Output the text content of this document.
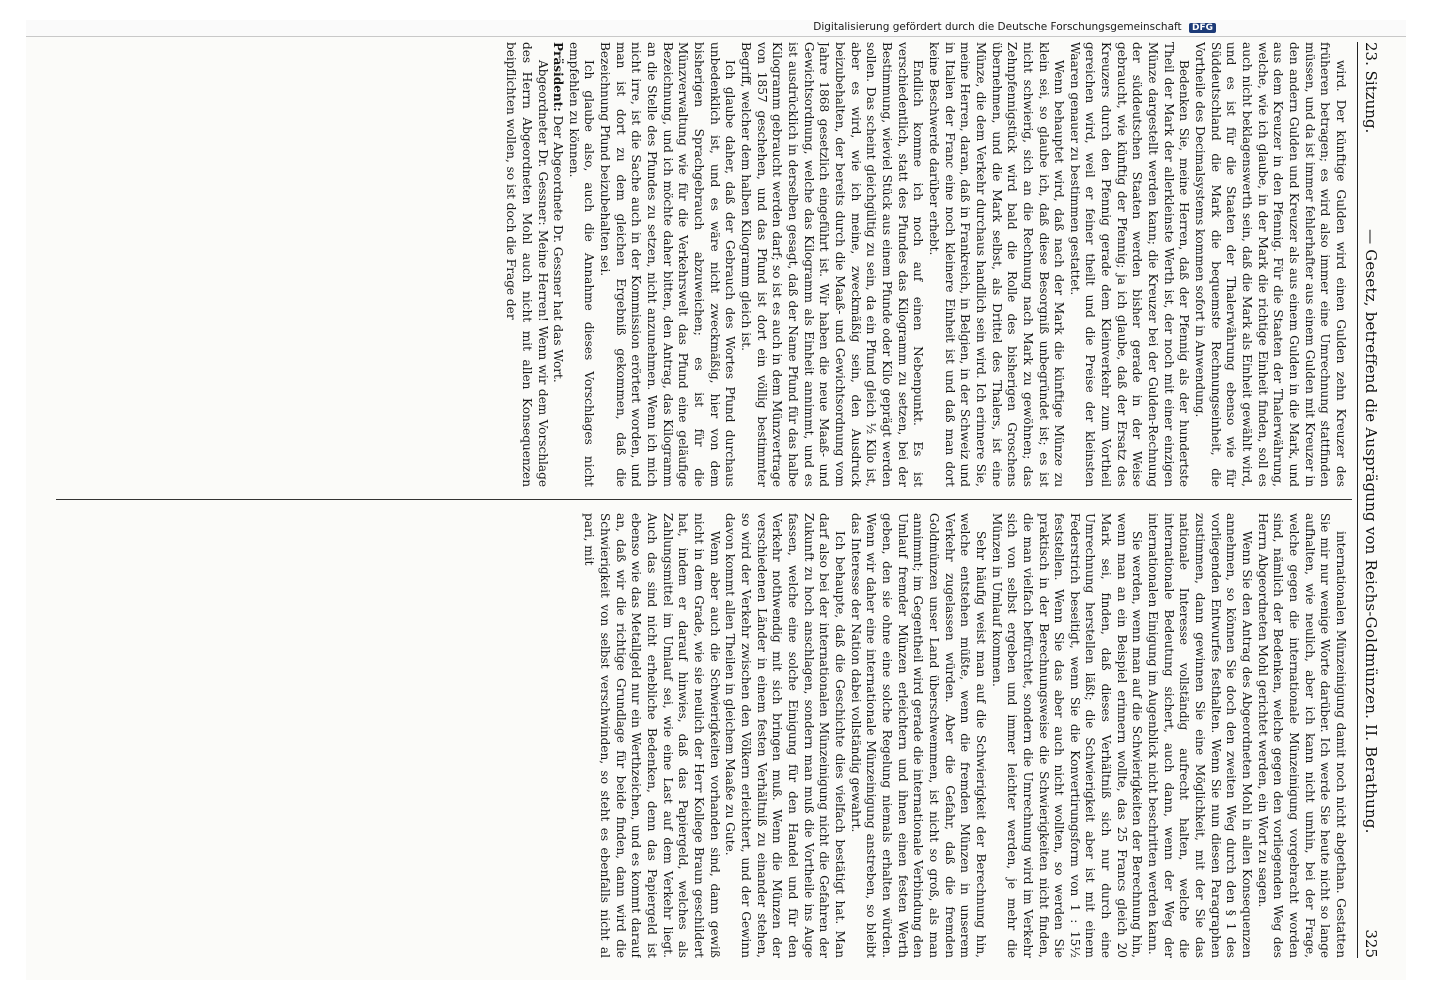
Digitalisierung gefördert durch die Deutsche Forschungsgemeinschaft DFG
23. Sitzung.
— Gesetz, betreffend die Ausprägung von Reichs-Goldmünzen. II. Berathung.
325

wird. Der künftige Gulden wird einen Gulden zehn Kreuzer des früheren betragen; es wird also immer eine Umrechnung stattfinden müssen, und da ist immer fehlerhafter aus einem Gulden mit Kreuzer in den andern Gulden und Kreuzer als aus einem Gulden in die Mark, und aus dem Kreuzer in den Pfennig. Für die Staaten der Thalerwährung, welche, wie ich glaube, in der Mark die richtige Einheit finden, soll es auch nicht beklagenswerth sein, daß die Mark als Einheit gewählt wird, und es ist für die Staaten der Thalerwährung ebenso wie für Süddeutschland die Mark die bequemste Rechnungseinheit, die Vortheile des Decimalsystems kommen sofort in Anwendung.

Bedenken Sie, meine Herren, daß der Pfennig als der hundertste Theil der Mark der allerkleinste Werth ist, der noch mit einer einzigen Münze dargestellt werden kann; die Kreuzer bei der Gulden-Rechnung der süddeutschen Staaten werden bisher gerade in der Weise gebraucht, wie künftig der Pfennig; ja ich glaube, daß der Ersatz des Kreuzers durch den Pfennig gerade dem Kleinverkehr zum Vortheil gereichen wird, weil er feiner theilt und die Preise der kleinsten Waaren genauer zu bestimmen gestattet.

Wenn behauptet wird, daß nach der Mark die künftige Münze zu klein sei, so glaube ich, daß diese Besorgniß unbegründet ist; es ist nicht schwierig, sich an die Rechnung nach Mark zu gewöhnen; das Zehnpfennigstück wird bald die Rolle des bisherigen Groschens übernehmen, und die Mark selbst, als Drittel des Thalers, ist eine Münze, die dem Verkehr durchaus handlich sein wird. Ich erinnere Sie, meine Herren, daran, daß in Frankreich, in Belgien, in der Schweiz und in Italien der Franc eine noch kleinere Einheit ist und daß man dort keine Beschwerde darüber erhebt.

Endlich komme ich noch auf einen Nebenpunkt. Es ist verschiedentlich, statt des Pfundes das Kilogramm zu setzen, bei der Bestimmung, wieviel Stück aus einem Pfunde oder Kilo geprägt werden sollen. Das scheint gleichgültig zu sein, da ein Pfund gleich ½ Kilo ist, aber es wird, wie ich meine, zweckmäßig sein, den Ausdruck beizubehalten, der bereits durch die Maaß- und Gewichtsordnung vom Jahre 1868 gesetzlich eingeführt ist. Wir haben die neue Maaß- und Gewichtsordnung, welche das Kilogramm als Einheit annimmt, und es ist ausdrücklich in derselben gesagt, daß der Name Pfund für das halbe Kilogramm gebraucht werden darf; so ist es auch in dem Münzvertrage von 1857 geschehen, und das Pfund ist dort ein völlig bestimmter Begriff, welcher dem halben Kilogramm gleich ist.

Ich glaube daher, daß der Gebrauch des Wortes Pfund durchaus unbedenklich ist, und es wäre nicht zweckmäßig, hier von dem bisherigen Sprachgebrauch abzuweichen; es ist für die Münzverwaltung wie für die Verkehrswelt das Pfund eine geläufige Bezeichnung, und ich möchte daher bitten, den Antrag, das Kilogramm an die Stelle des Pfundes zu setzen, nicht anzunehmen. Wenn ich mich nicht irre, ist die Sache auch in der Kommission erörtert worden, und man ist dort zu dem gleichen Ergebniß gekommen, daß die Bezeichnung Pfund beizubehalten sei.

Ich glaube also, auch die Annahme dieses Vorschlages nicht empfehlen zu können.

Präsident: Der Abgeordnete Dr. Gessner hat das Wort.

Abgeordneter Dr. Gessner: Meine Herren! Wenn wir dem Vorschlage des Herrn Abgeordneten Mohl auch nicht mit allen Konsequenzen beipflichten wollen, so ist doch die Frage der

internationalen Münzeinigung damit noch nicht abgethan. Gestatten Sie mir nur wenige Worte darüber. Ich werde Sie heute nicht so lange aufhalten, wie neulich, aber ich kann nicht umhin, bei der Frage, welche gegen die internationale Münzeinigung vorgebracht worden sind, nämlich der Bedenken, welche gegen den vorliegenden Weg des Herrn Abgeordneten Mohl gerichtet werden, ein Wort zu sagen.

Wenn Sie den Antrag des Abgeordneten Mohl in allen Konsequenzen annehmen, so können Sie doch den zweiten Weg durch den § 1 des vorliegenden Entwurfes festhalten. Wenn Sie nun diesen Paragraphen zustimmen, dann gewinnen Sie eine Möglichkeit, mit der Sie das nationale Interesse vollständig aufrecht halten, welche die internationale Bedeutung sichert, auch dann, wenn der Weg der internationalen Einigung im Augenblick nicht beschritten werden kann.

Sie werden, wenn man auf die Schwierigkeiten der Berechnung hin, wenn man an ein Beispiel erinnern wollte, das 25 Francs gleich 20 Mark sei, finden, daß dieses Verhältniß sich nur durch eine Umrechnung herstellen läßt; die Schwierigkeit aber ist mit einem Federstrich beseitigt, wenn Sie die Konvertirungsform von 1 : 15½ feststellen. Wenn Sie das aber auch nicht wollten, so werden Sie praktisch in der Berechnungsweise die Schwierigkeiten nicht finden, die man vielfach befürchtet, sondern die Umrechnung wird im Verkehr sich von selbst ergeben und immer leichter werden, je mehr die Münzen in Umlauf kommen.

Sehr häufig weist man auf die Schwierigkeit der Berechnung hin, welche entstehen müßte, wenn die fremden Münzen in unserem Verkehr zugelassen würden. Aber die Gefahr, daß die fremden Goldmünzen unser Land überschwemmen, ist nicht so groß, als man annimmt; im Gegentheil wird gerade die internationale Verbindung den Umlauf fremder Münzen erleichtern und ihnen einen festen Werth geben, den sie ohne eine solche Regelung niemals erhalten würden. Wenn wir daher eine internationale Münzeinigung anstreben, so bleibt das Interesse der Nation dabei vollständig gewahrt.

Ich behaupte, daß die Geschichte dies vielfach bestätigt hat. Man darf also bei der internationalen Münzeinigung nicht die Gefahren der Zukunft zu hoch anschlagen, sondern man muß die Vortheile ins Auge fassen, welche eine solche Einigung für den Handel und für den Verkehr nothwendig mit sich bringen muß. Wenn die Münzen der verschiedenen Länder in einem festen Verhältniß zu einander stehen, so wird der Verkehr zwischen den Völkern erleichtert, und der Gewinn davon kommt allen Theilen in gleichem Maaße zu Gute.

Wenn aber auch die Schwierigkeiten vorhanden sind, dann gewiß nicht in dem Grade, wie sie neulich der Herr Kollege Braun geschildert hat, indem er darauf hinwies, daß das Papiergeld, welches als Zahlungsmittel im Umlauf sei, wie eine Last auf dem Verkehr liegt. Auch das sind nicht erhebliche Bedenken, denn das Papiergeld ist ebenso wie das Metallgeld nur ein Werthzeichen, und es kommt darauf an, daß wir die richtige Grundlage für beide finden, dann wird die Schwierigkeit von selbst verschwinden, so steht es ebenfalls nicht al pari, mit
